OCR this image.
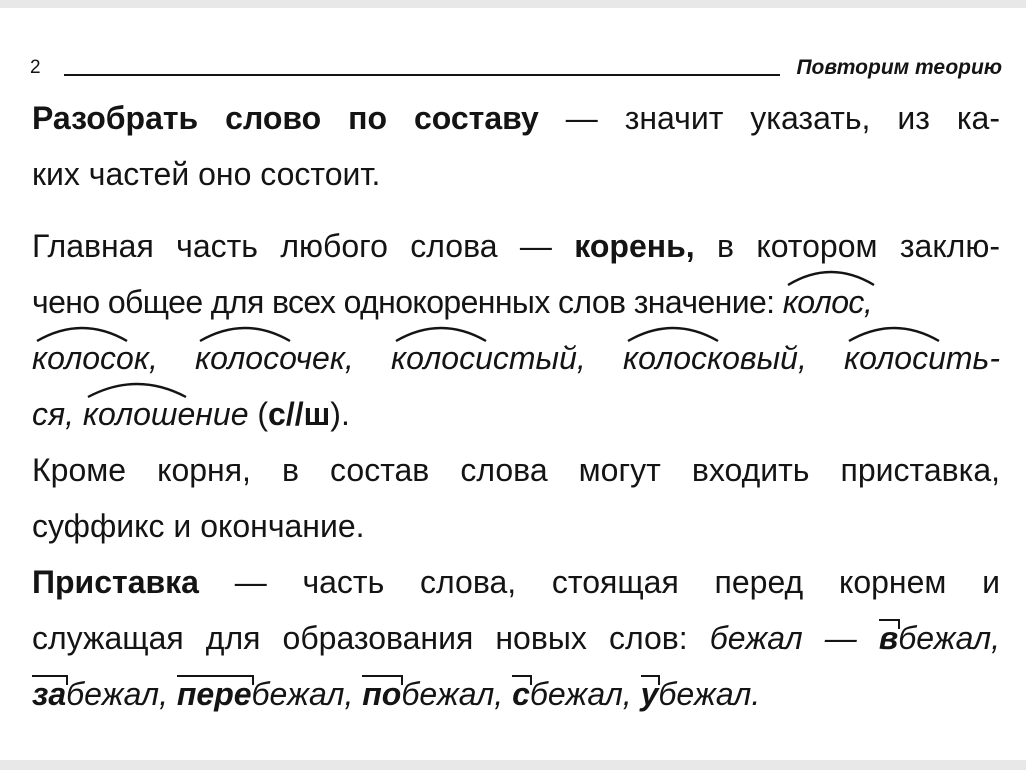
2	Повторим теорию
Разобрать слово по составу — значит указать, из ка-
ких частей оно состоит.
Главная часть любого слова — корень, в котором заклю-
чено общее для всех однокоренных слов значение:
колос,
колосок, колосочек, колосистый, колосковый, колосить-
ся, колошение (с//ш).
Кроме корня, в состав слова могут входить приставка,
суффикс и окончание.
Приставка — часть слова, стоящая перед корнем и
служащая для образования новых слов: бежал — вбежал,
забежал, перебежал, побежал, сбежал, убежал.
